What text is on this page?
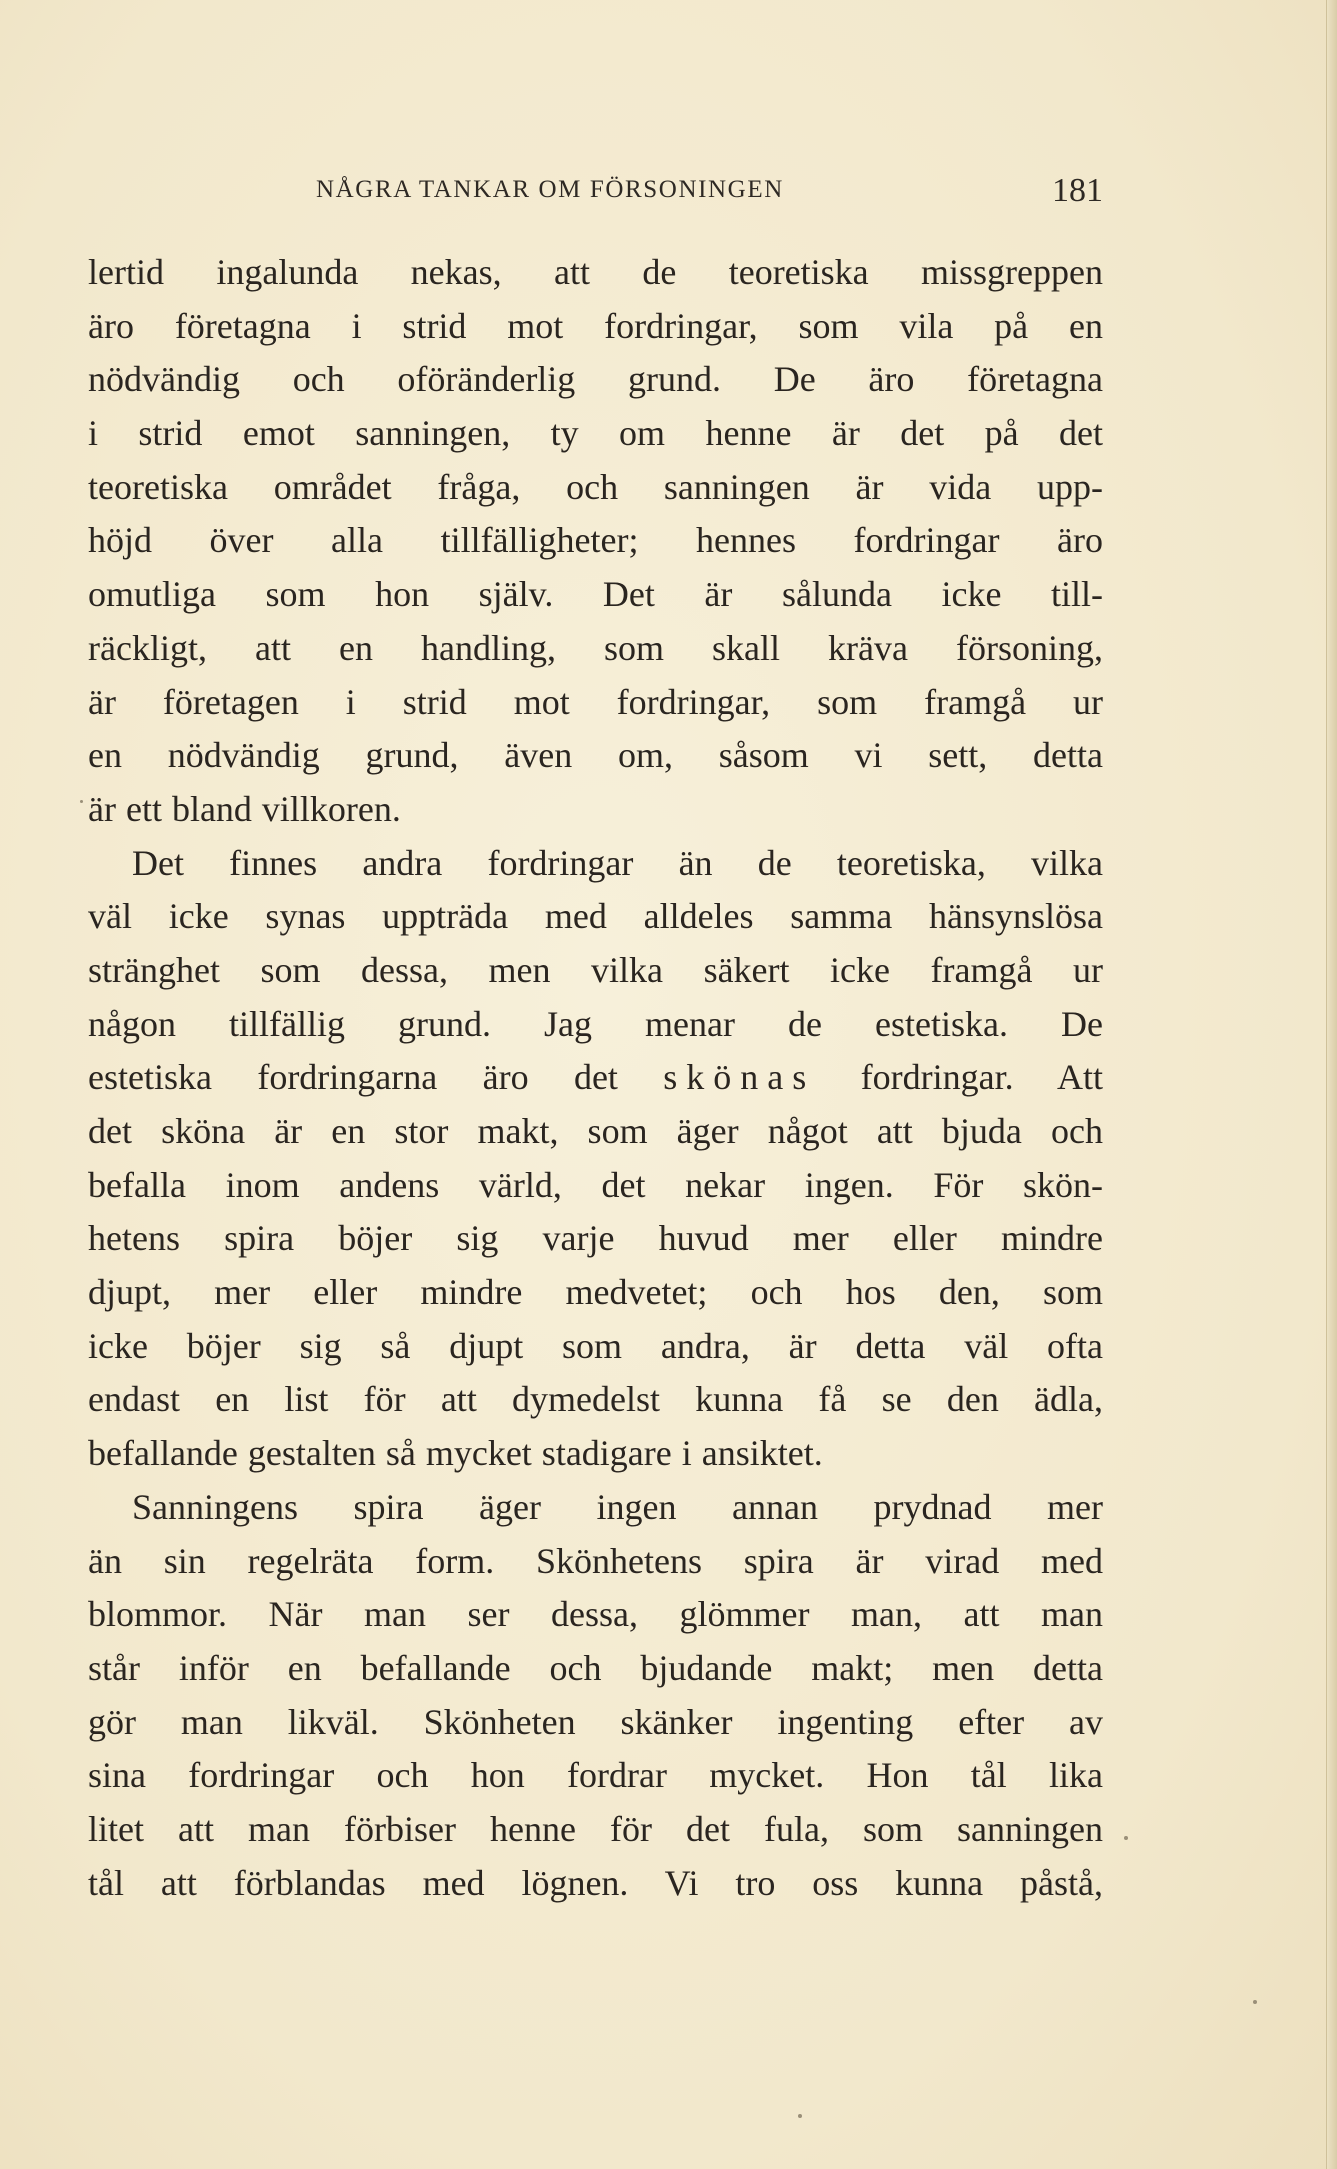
NÅGRA TANKAR OM FÖRSONINGEN	181
lertid ingalunda nekas, att de teoretiska missgreppen
äro företagna i strid mot fordringar, som vila på en
nödvändig och oföränderlig grund. De äro företagna
i strid emot sanningen, ty om henne är det på det
teoretiska området fråga, och sanningen är vida upp-
höjd över alla tillfälligheter; hennes fordringar äro
omutliga som hon själv. Det är sålunda icke till-
räckligt, att en handling, som skall kräva försoning,
är företagen i strid mot fordringar, som framgå ur
en nödvändig grund, även om, såsom vi sett, detta
är ett bland villkoren.
Det finnes andra fordringar än de teoretiska, vilka
väl icke synas uppträda med alldeles samma hänsynslösa
stränghet som dessa, men vilka säkert icke framgå ur
någon tillfällig grund. Jag menar de estetiska. De
estetiska fordringarna äro det skönas fordringar. Att
det sköna är en stor makt, som äger något att bjuda och
befalla inom andens värld, det nekar ingen. För skön-
hetens spira böjer sig varje huvud mer eller mindre
djupt, mer eller mindre medvetet; och hos den, som
icke böjer sig så djupt som andra, är detta väl ofta
endast en list för att dymedelst kunna få se den ädla,
befallande gestalten så mycket stadigare i ansiktet.
Sanningens spira äger ingen annan prydnad mer
än sin regelräta form. Skönhetens spira är virad med
blommor. När man ser dessa, glömmer man, att man
står inför en befallande och bjudande makt; men detta
gör man likväl. Skönheten skänker ingenting efter av
sina fordringar och hon fordrar mycket. Hon tål lika
litet att man förbiser henne för det fula, som sanningen
tål att förblandas med lögnen. Vi tro oss kunna påstå,
